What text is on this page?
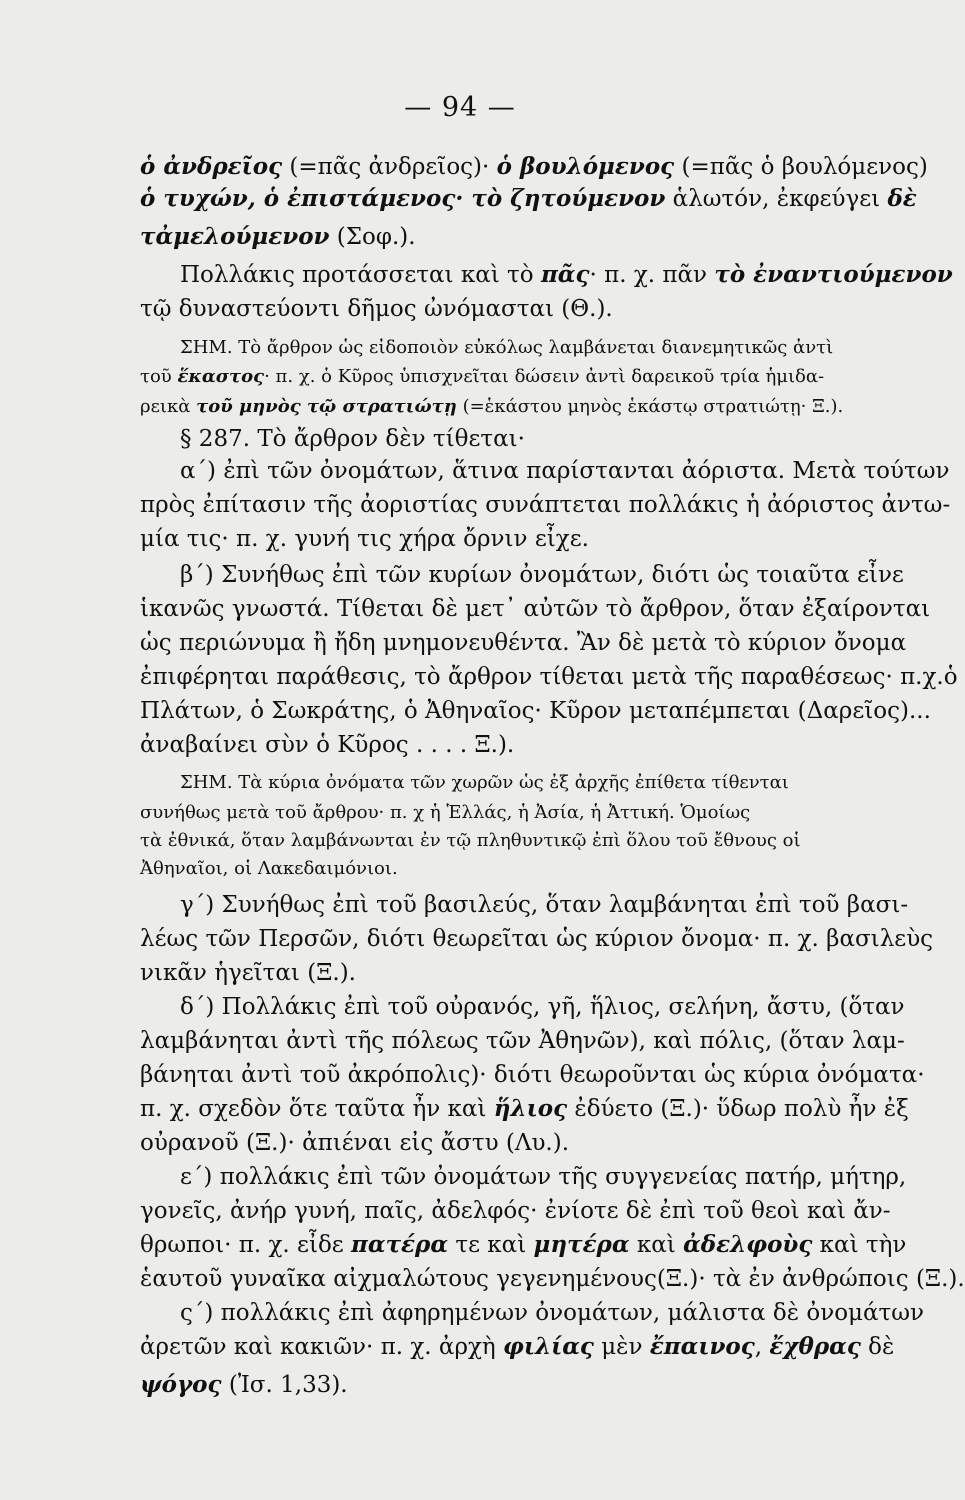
— 94 —
ὁ ἀνδρεῖος (=πᾶς ἀνδρεῖος)· ὁ βουλόμενος (=πᾶς ὁ βουλόμενος)
ὁ τυχών, ὁ ἐπιστάμενος· τὸ ζητούμενον ἁλωτόν, ἐκφεύγει δὲ
τἀμελούμενον (Σοφ.).
Πολλάκις προτάσσεται καὶ τὸ πᾶς· π. χ. πᾶν τὸ ἐναντιούμενον
τῷ δυναστεύοντι δῆμος ὠνόμασται (Θ.).
ΣΗΜ. Τὸ ἄρθρον ὡς εἰδοποιὸν εὐκόλως λαμβάνεται διανεμητικῶς ἀντὶ
τοῦ ἕκαστος· π. χ. ὁ Κῦρος ὑπισχνεῖται δώσειν ἀντὶ δαρεικοῦ τρία ἡμιδα-
ρεικὰ τοῦ μηνὸς τῷ στρατιώτῃ (=ἑκάστου μηνὸς ἑκάστῳ στρατιώτῃ· Ξ.).
§ 287. Τὸ ἄρθρον δὲν τίθεται·
α΄) ἐπὶ τῶν ὀνομάτων, ἅτινα παρίστανται ἀόριστα. Μετὰ τούτων
πρὸς ἐπίτασιν τῆς ἀοριστίας συνάπτεται πολλάκις ἡ ἀόριστος ἀντω-
μία τις· π. χ. γυνή τις χήρα ὄρνιν εἶχε.
β΄) Συνήθως ἐπὶ τῶν κυρίων ὀνομάτων, διότι ὡς τοιαῦτα εἶνε
ἱκανῶς γνωστά. Τίθεται δὲ μετ᾿ αὐτῶν τὸ ἄρθρον, ὅταν ἐξαίρονται
ὡς περιώνυμα ἢ ἤδη μνημονευθέντα. Ἂν δὲ μετὰ τὸ κύριον ὄνομα
ἐπιφέρηται παράθεσις, τὸ ἄρθρον τίθεται μετὰ τῆς παραθέσεως· π.χ.ὁ
Πλάτων, ὁ Σωκράτης, ὁ Ἀθηναῖος· Κῦρον μεταπέμπεται (Δαρεῖος)...
ἀναβαίνει σὺν ὁ Κῦρος . . . . Ξ.).
ΣΗΜ. Τὰ κύρια ὀνόματα τῶν χωρῶν ὡς ἐξ ἀρχῆς ἐπίθετα τίθενται
συνήθως μετὰ τοῦ ἄρθρου· π. χ ἡ Ἑλλάς, ἡ Ἀσία, ἡ Ἀττική. Ὁμοίως
τὰ ἐθνικά, ὅταν λαμβάνωνται ἐν τῷ πληθυντικῷ ἐπὶ ὅλου τοῦ ἔθνους οἱ
Ἀθηναῖοι, οἱ Λακεδαιμόνιοι.
γ΄) Συνήθως ἐπὶ τοῦ βασιλεύς, ὅταν λαμβάνηται ἐπὶ τοῦ βασι-
λέως τῶν Περσῶν, διότι θεωρεῖται ὡς κύριον ὄνομα· π. χ. βασιλεὺς
νικᾶν ἡγεῖται (Ξ.).
δ΄) Πολλάκις ἐπὶ τοῦ οὐρανός, γῆ, ἥλιος, σελήνη, ἄστυ, (ὅταν
λαμβάνηται ἀντὶ τῆς πόλεως τῶν Ἀθηνῶν), καὶ πόλις, (ὅταν λαμ-
βάνηται ἀντὶ τοῦ ἀκρόπολις)· διότι θεωροῦνται ὡς κύρια ὀνόματα·
π. χ. σχεδὸν ὅτε ταῦτα ἦν καὶ ἥλιος ἐδύετο (Ξ.)· ὕδωρ πολὺ ἦν ἐξ
οὐρανοῦ (Ξ.)· ἀπιέναι εἰς ἄστυ (Λυ.).
ε΄) πολλάκις ἐπὶ τῶν ὀνομάτων τῆς συγγενείας πατήρ, μήτηρ,
γονεῖς, ἀνήρ γυνή, παῖς, ἀδελφός· ἐνίοτε δὲ ἐπὶ τοῦ θεοὶ καὶ ἄν-
θρωποι· π. χ. εἶδε πατέρα τε καὶ μητέρα καὶ ἀδελφοὺς καὶ τὴν
ἑαυτοῦ γυναῖκα αἰχμαλώτους γεγενημένους(Ξ.)· τὰ ἐν ἀνθρώποις (Ξ.).
ς΄) πολλάκις ἐπὶ ἀφηρημένων ὀνομάτων, μάλιστα δὲ ὀνομάτων
ἀρετῶν καὶ κακιῶν· π. χ. ἀρχὴ φιλίας μὲν ἔπαινος, ἔχθρας δὲ
ψόγος (Ἰσ. 1,33).
